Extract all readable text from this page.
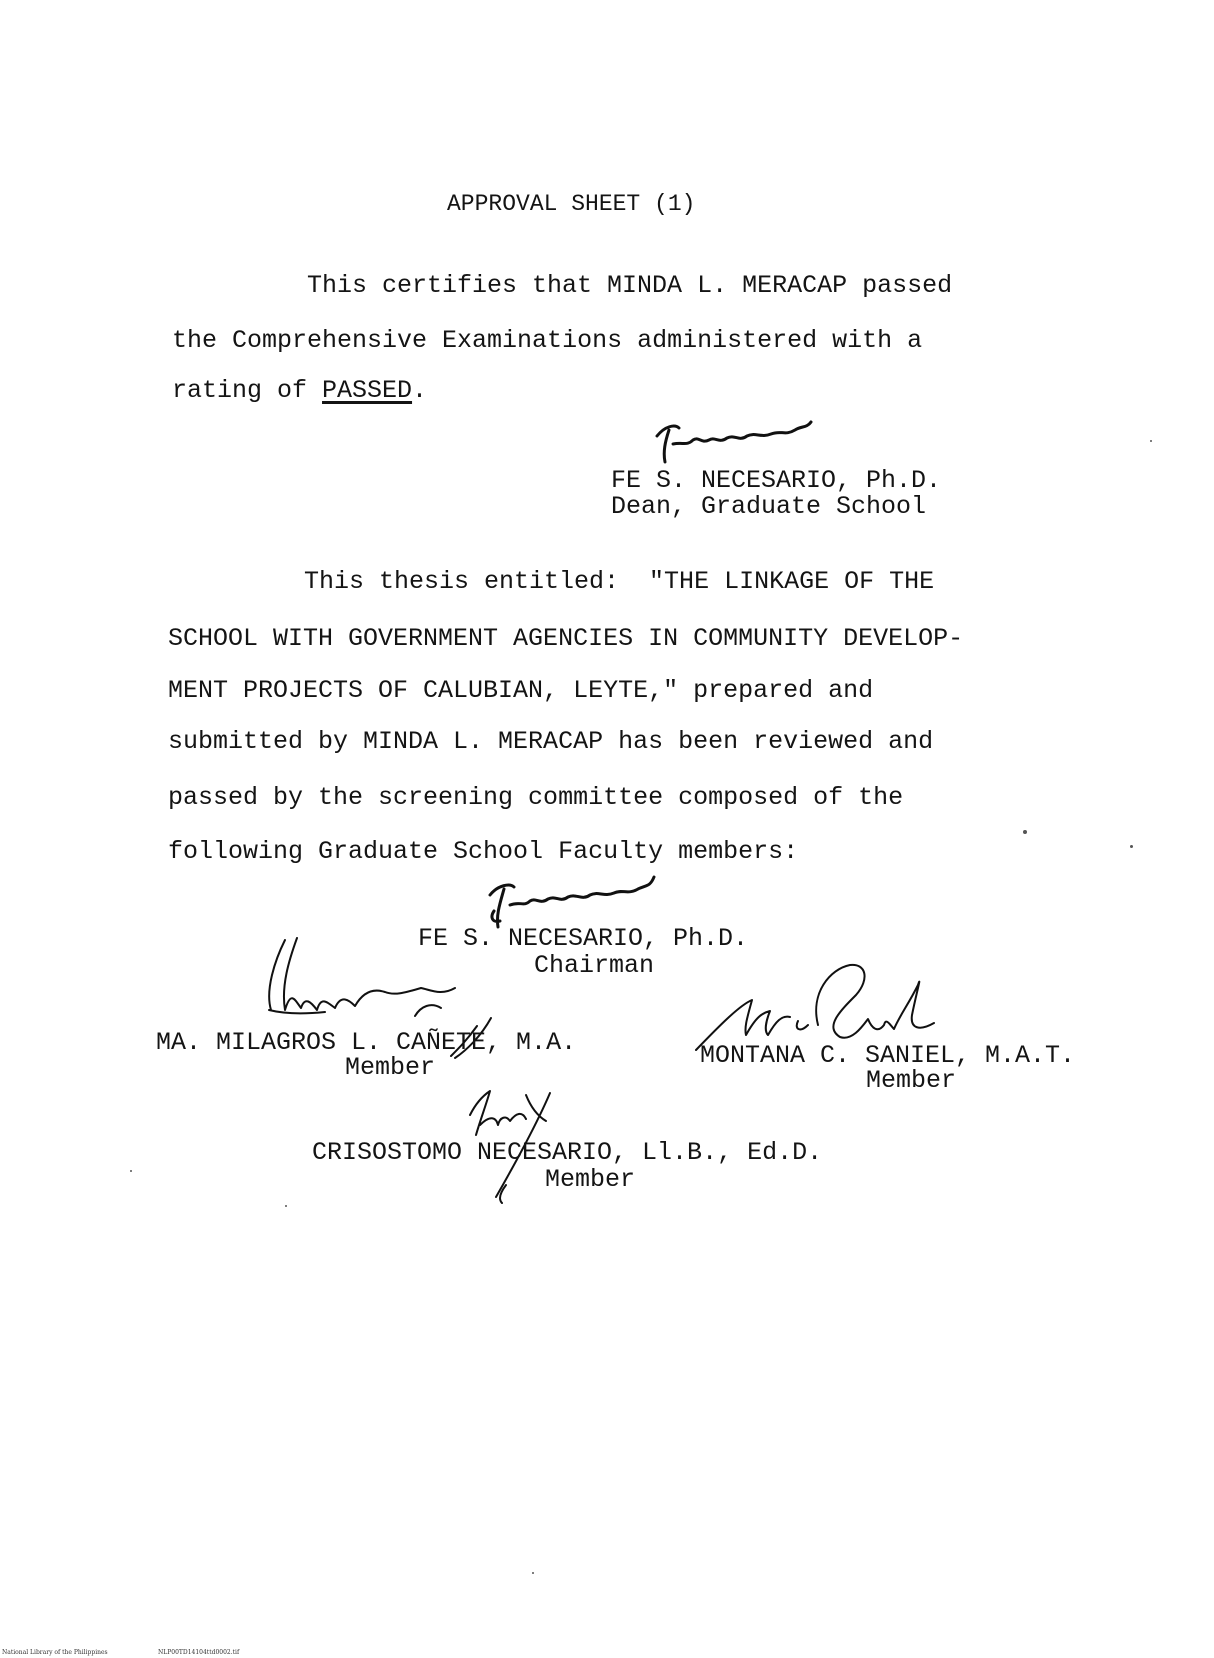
APPROVAL SHEET (1)
This certifies that MINDA L. MERACAP passed
the Comprehensive Examinations administered with a
rating of PASSED.
FE S. NECESARIO, Ph.D.
Dean, Graduate School
This thesis entitled:  "THE LINKAGE OF THE
SCHOOL WITH GOVERNMENT AGENCIES IN COMMUNITY DEVELOP-
MENT PROJECTS OF CALUBIAN, LEYTE," prepared and
submitted by MINDA L. MERACAP has been reviewed and
passed by the screening committee composed of the
following Graduate School Faculty members:
FE S. NECESARIO, Ph.D.
Chairman
MA. MILAGROS L. CAÑETE, M.A.
Member	MONTANA C. SANIEL, M.A.T.
Member
CRISOSTOMO NECESARIO, Ll.B., Ed.D.
Member
National Library of the Philippines	NLP00TD14104ttd0002.tif
